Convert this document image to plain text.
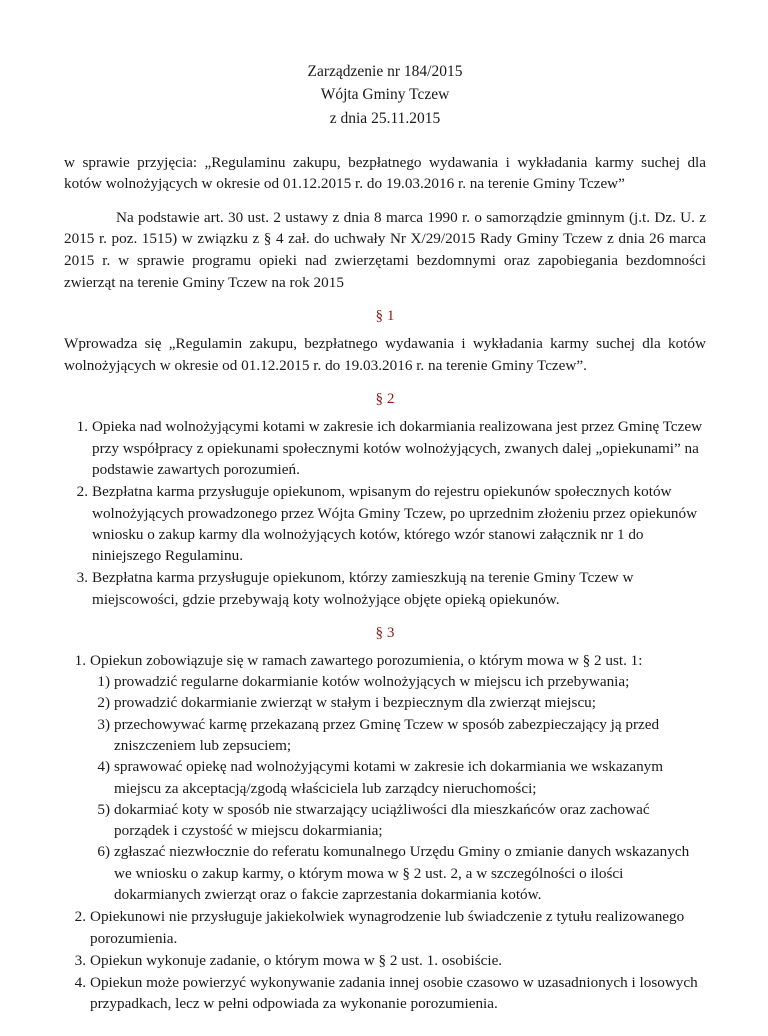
Zarządzenie nr 184/2015
Wójta Gminy Tczew
z dnia 25.11.2015

w sprawie przyjęcia: „Regulaminu zakupu, bezpłatnego wydawania i wykładania karmy suchej dla kotów wolnożyjących w okresie od 01.12.2015 r. do 19.03.2016 r. na terenie Gminy Tczew”

Na podstawie art. 30 ust. 2 ustawy z dnia 8 marca 1990 r. o samorządzie gminnym (j.t. Dz. U. z 2015 r. poz. 1515) w związku z § 4 zał. do uchwały Nr X/29/2015 Rady Gminy Tczew z dnia 26 marca 2015 r. w sprawie programu opieki nad zwierzętami bezdomnymi oraz zapobiegania bezdomności zwierząt na terenie Gminy Tczew na rok 2015

§ 1

Wprowadza się „Regulamin zakupu, bezpłatnego wydawania i wykładania karmy suchej dla kotów wolnożyjących w okresie od 01.12.2015 r. do 19.03.2016 r. na terenie Gminy Tczew”.

§ 2
1. Opieka nad wolnożyjącymi kotami w zakresie ich dokarmiania realizowana jest przez Gminę Tczew przy współpracy z opiekunami społecznymi kotów wolnożyjących, zwanych dalej „opiekunami” na podstawie zawartych porozumień.
2. Bezpłatna karma przysługuje opiekunom, wpisanym do rejestru opiekunów społecznych kotów wolnożyjących prowadzonego przez Wójta Gminy Tczew, po uprzednim złożeniu przez opiekunów wniosku o zakup karmy dla wolnożyjących kotów, którego wzór stanowi załącznik nr 1 do niniejszego Regulaminu.
3. Bezpłatna karma przysługuje opiekunom, którzy zamieszkują na terenie Gminy Tczew w miejscowości, gdzie przebywają koty wolnożyjące objęte opieką opiekunów.
§ 3
1. Opiekun zobowiązuje się w ramach zawartego porozumienia, o którym mowa w § 2 ust. 1:
1) prowadzić regularne dokarmianie kotów wolnożyjących w miejscu ich przebywania;
2) prowadzić dokarmianie zwierząt w stałym i bezpiecznym dla zwierząt miejscu;
3) przechowywać karmę przekazaną przez Gminę Tczew w sposób zabezpieczający ją przed zniszczeniem lub zepsuciem;
4) sprawować opiekę nad wolnożyjącymi kotami w zakresie ich dokarmiania we wskazanym miejscu za akceptacją/zgodą właściciela lub zarządcy nieruchomości;
5) dokarmiać koty w sposób nie stwarzający uciążliwości dla mieszkańców oraz zachować porządek i czystość w miejscu dokarmiania;
6) zgłaszać niezwłocznie do referatu komunalnego Urzędu Gminy o zmianie danych wskazanych we wniosku o zakup karmy, o którym mowa w § 2 ust. 2, a w szczególności o ilości dokarmianych zwierząt oraz o fakcie zaprzestania dokarmiania kotów.
2. Opiekunowi nie przysługuje jakiekolwiek wynagrodzenie lub świadczenie z tytułu realizowanego porozumienia.
3. Opiekun wykonuje zadanie, o którym mowa w § 2 ust. 1. osobiście.
4. Opiekun może powierzyć wykonywanie zadania innej osobie czasowo w uzasadnionych i losowych przypadkach, lecz w pełni odpowiada za wykonanie porozumienia.
